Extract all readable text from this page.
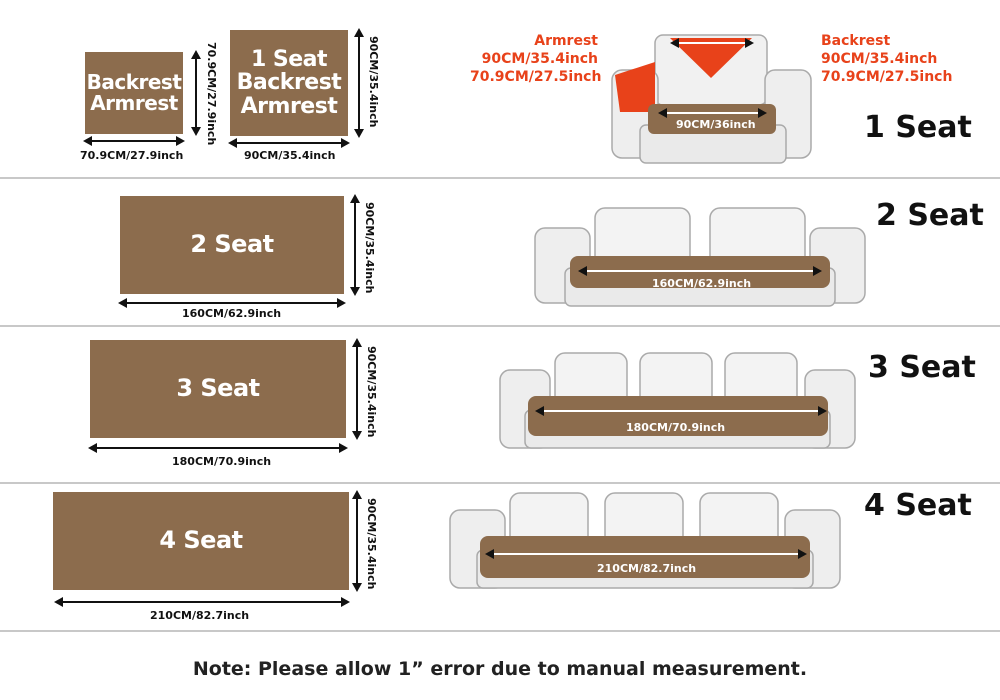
Backrest
Armrest
70.9CM/27.9inch
70.9CM/27.9inch 1 Seat
Backrest
Armrest
90CM/35.4inch
90CM/35.4inch	Armrest
90CM/35.4inch
70.9CM/27.5inch
Backrest
90CM/35.4inch
70.9CM/27.5inch
90CM/36inch	1 Seat
2 Seat
160CM/62.9inch
90CM/35.4inch	160CM/62.9inch
2 Seat
3 Seat
180CM/70.9inch
90CM/35.4inch	180CM/70.9inch
3 Seat
4 Seat
210CM/82.7inch
90CM/35.4inch	210CM/82.7inch
4 Seat
Note: Please allow 1” error due to manual measurement.
